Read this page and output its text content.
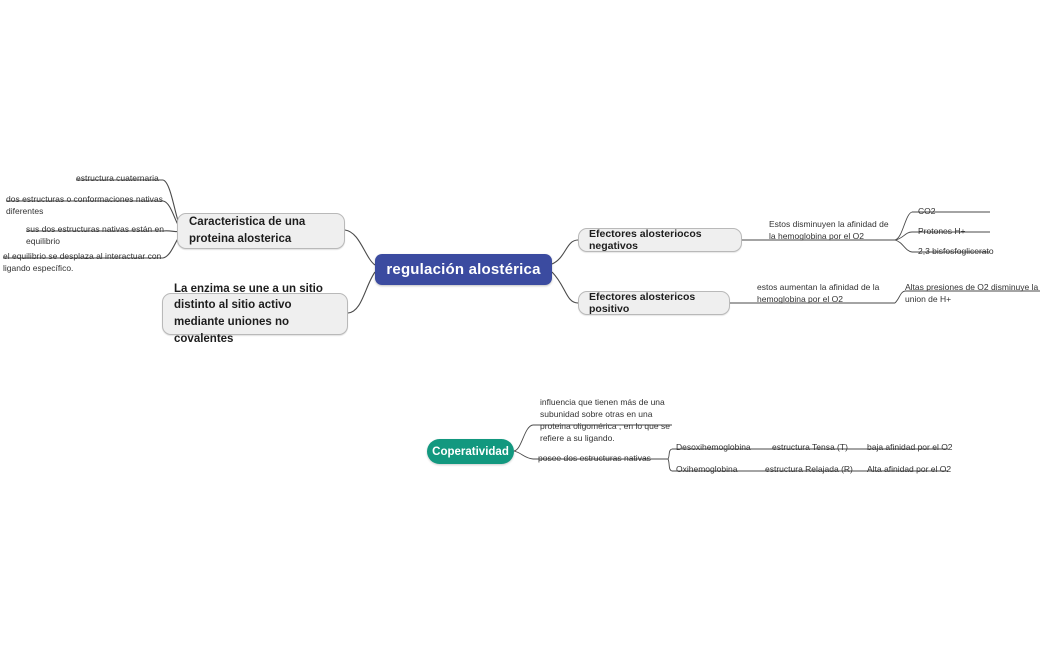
regulación alostérica
Caracteristica de una proteina alosterica
La enzima se une a un sitio distinto al sitio activo mediante uniones no covalentes
estructura cuaternaria
dos estructuras o conformaciones nativas diferentes
sus dos estructuras nativas están en equilibrio
el equilibrio se desplaza al interactuar con ligando específico.
Efectores alosteriocos negativos
Estos disminuyen la afinidad de la hemoglobina por el O2
CO2
Protones H+
2,3 bisfosfoglicerato
Efectores alostericos positivo
estos aumentan la afinidad de la hemoglobina por el O2
Altas presiones de O2 disminuye la union de H+
Coperatividad
influencia que tienen más de una subunidad sobre otras en una proteina oligomérica , en lo que se refiere a su ligando.
posee dos estructuras nativas
Desoxihemoglobina	estructura Tensa (T)	baja afinidad por el O2
Oxihemoglobina	estructura Relajada (R)	Alta afinidad por el O2
